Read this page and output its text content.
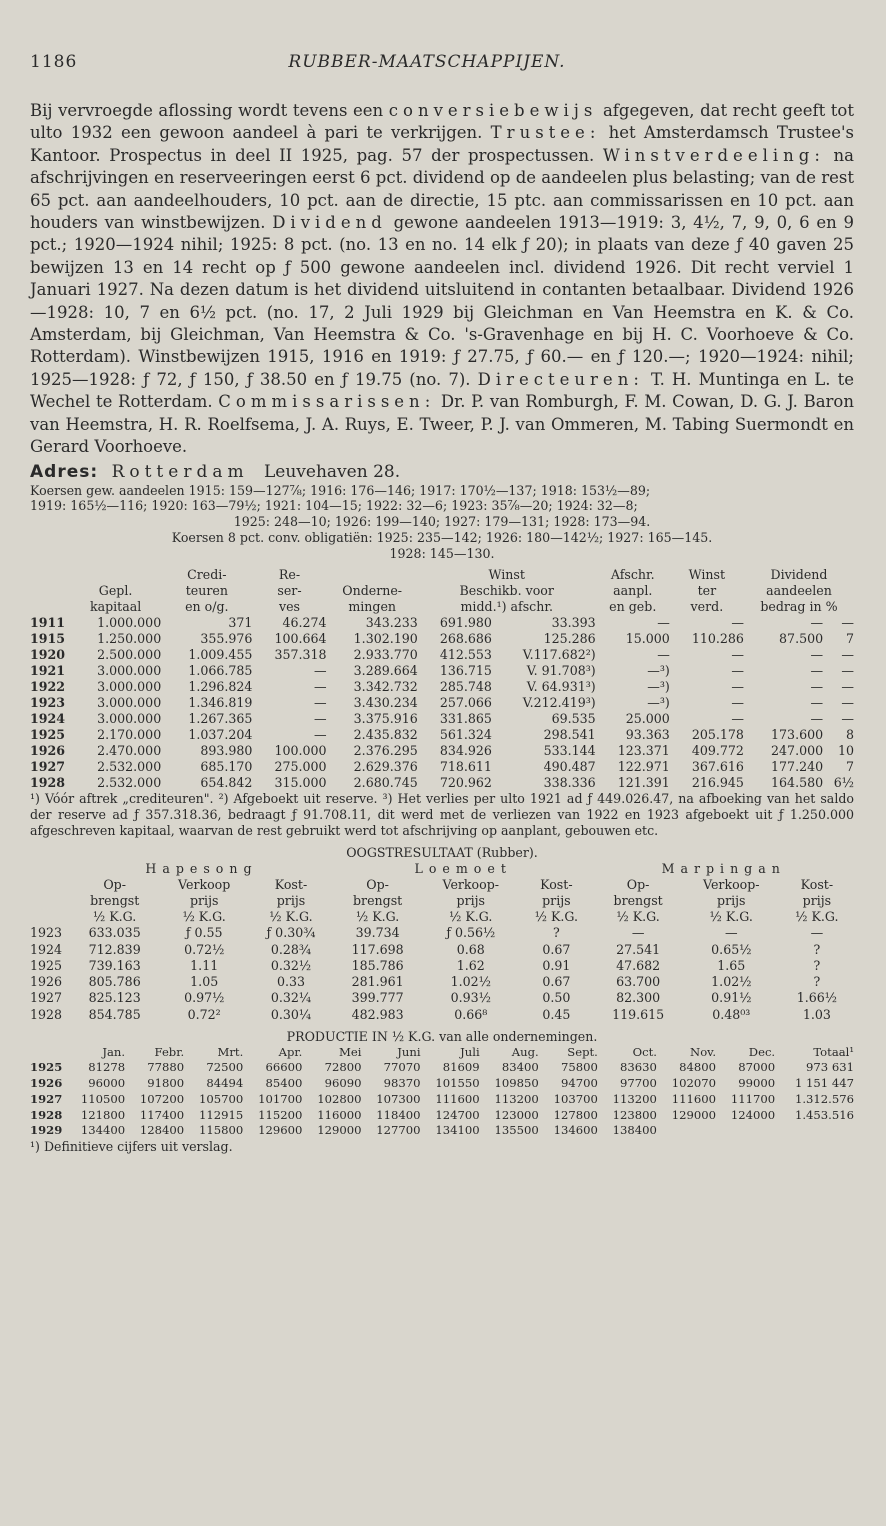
1186	RUBBER-MAATSCHAPPIJEN.

Bij vervroegde aflossing wordt tevens een conversiebewijs afgegeven, dat recht geeft tot ulto 1932 een gewoon aandeel à pari te verkrijgen. Trustee: het Amsterdamsch Trustee's Kantoor. Prospectus in deel II 1925, pag. 57 der prospectussen. Winstverdeeling: na afschrijvingen en reserveeringen eerst 6 pct. dividend op de aandeelen plus belasting; van de rest 65 pct. aan aandeelhouders, 10 pct. aan de directie, 15 ptc. aan commissarissen en 10 pct. aan houders van winstbewijzen. Dividend gewone aandeelen 1913—1919: 3, 4½, 7, 9, 0, 6 en 9 pct.; 1920—1924 nihil; 1925: 8 pct. (no. 13 en no. 14 elk ƒ 20); in plaats van deze ƒ 40 gaven 25 bewijzen 13 en 14 recht op ƒ 500 gewone aandeelen incl. dividend 1926. Dit recht verviel 1 Januari 1927. Na dezen datum is het dividend uitsluitend in contanten betaalbaar. Dividend 1926—1928: 10, 7 en 6½ pct. (no. 17, 2 Juli 1929 bij Gleichman en Van Heemstra en K. & Co. Amsterdam, bij Gleichman, Van Heemstra & Co. 's-Gravenhage en bij H. C. Voorhoeve & Co. Rotterdam). Winstbewijzen 1915, 1916 en 1919: ƒ 27.75, ƒ 60.— en ƒ 120.—; 1920—1924: nihil; 1925—1928: ƒ 72, ƒ 150, ƒ 38.50 en ƒ 19.75 (no. 7). Directeuren: T. H. Muntinga en L. te Wechel te Rotterdam. Commissarissen: Dr. P. van Romburgh, F. M. Cowan, D. G. J. Baron van Heemstra, H. R. Roelfsema, J. A. Ruys, E. Tweer, P. J. van Ommeren, M. Tabing Suermondt en Gerard Voorhoeve.

Adres: Rotterdam Leuvehaven 28.

Koersen gew. aandeelen 1915: 159—127⅞; 1916: 176—146; 1917: 170½—137; 1918: 153½—89;

1919: 165½—116; 1920: 163—79½; 1921: 104—15; 1922: 32—6; 1923: 35⅞—20; 1924: 32—8;

1925: 248—10; 1926: 199—140; 1927: 179—131; 1928: 173—94.

Koersen 8 pct. conv. obligatiën: 1925: 235—142; 1926: 180—142½; 1927: 165—145.

1928: 145—130.

		Credi-	Re-		Winst		Afschr.	Winst	Dividend	
	Gepl.	teuren	ser-	Onderne-	Beschikb. voor		aanpl.	ter	aandeelen	
	kapitaal	en o/g.	ves	mingen	midd.¹) afschr.		en geb.	verd.	bedrag in %	
1911	1.000.000	371	46.274	343.233	691.980	33.393	—	—	—	—
1915	1.250.000	355.976	100.664	1.302.190	268.686	125.286	15.000	110.286	87.500	7
1920	2.500.000	1.009.455	357.318	2.933.770	412.553	V.117.682²)	—	—	—	—
1921	3.000.000	1.066.785	—	3.289.664	136.715	V. 91.708³)	—³)	—	—	—
1922	3.000.000	1.296.824	—	3.342.732	285.748	V. 64.931³)	—³)	—	—	—
1923	3.000.000	1.346.819	—	3.430.234	257.066	V.212.419³)	—³)	—	—	—
1924	3.000.000	1.267.365	—	3.375.916	331.865	69.535	25.000	—	—	—
1925	2.170.000	1.037.204	—	2.435.832	561.324	298.541	93.363	205.178	173.600	8
1926	2.470.000	893.980	100.000	2.376.295	834.926	533.144	123.371	409.772	247.000	10
1927	2.532.000	685.170	275.000	2.629.376	718.611	490.487	122.971	367.616	177.240	7
1928	2.532.000	654.842	315.000	2.680.745	720.962	338.336	121.391	216.945	164.580	6½
¹) Vóór aftrek „crediteuren". ²) Afgeboekt uit reserve. ³) Het verlies per ulto 1921 ad ƒ 449.026.47, na afboeking van het saldo der reserve ad ƒ 357.318.36, bedraagt ƒ 91.708.11, dit werd met de verliezen van 1922 en 1923 afgeboekt uit ƒ 1.250.000 afgeschreven kapitaal, waarvan de rest gebruikt werd tot afschrijving op aanplant, gebouwen etc.
OOGSTRESULTAAT (Rubber).
	Hapesong			Loemoet			Marpingan		
	Op-	Verkoop	Kost-	Op-	Verkoop-	Kost-	Op-	Verkoop-	Kost-
	brengst	prijs	prijs	brengst	prijs	prijs	brengst	prijs	prijs
	½ K.G.	½ K.G.	½ K.G.	½ K.G.	½ K.G.	½ K.G.	½ K.G.	½ K.G.	½ K.G.
1923	633.035	ƒ 0.55	ƒ 0.30¾	39.734	ƒ 0.56½	?	—	—	—
1924	712.839	0.72½	0.28¾	117.698	0.68	0.67	27.541	0.65½	?
1925	739.163	1.11	0.32½	185.786	1.62	0.91	47.682	1.65	?
1926	805.786	1.05	0.33	281.961	1.02½	0.67	63.700	1.02½	?
1927	825.123	0.97½	0.32¼	399.777	0.93½	0.50	82.300	0.91½	1.66½
1928	854.785	0.72²	0.30¼	482.983	0.66⁸	0.45	119.615	0.48⁰³	1.03
PRODUCTIE IN ½ K.G. van alle ondernemingen.
	Jan.	Febr.	Mrt.	Apr.	Mei	Juni	Juli	Aug.	Sept.	Oct.	Nov.	Dec.	Totaal¹
1925	81278	77880	72500	66600	72800	77070	81609	83400	75800	83630	84800	87000	973 631
1926	96000	91800	84494	85400	96090	98370	101550	109850	94700	97700	102070	99000	1 151 447
1927	110500	107200	105700	101700	102800	107300	111600	113200	103700	113200	111600	111700	1.312.576
1928	121800	117400	112915	115200	116000	118400	124700	123000	127800	123800	129000	124000	1.453.516
1929	134400	128400	115800	129600	129000	127700	134100	135500	134600	138400			
¹) Definitieve cijfers uit verslag.
